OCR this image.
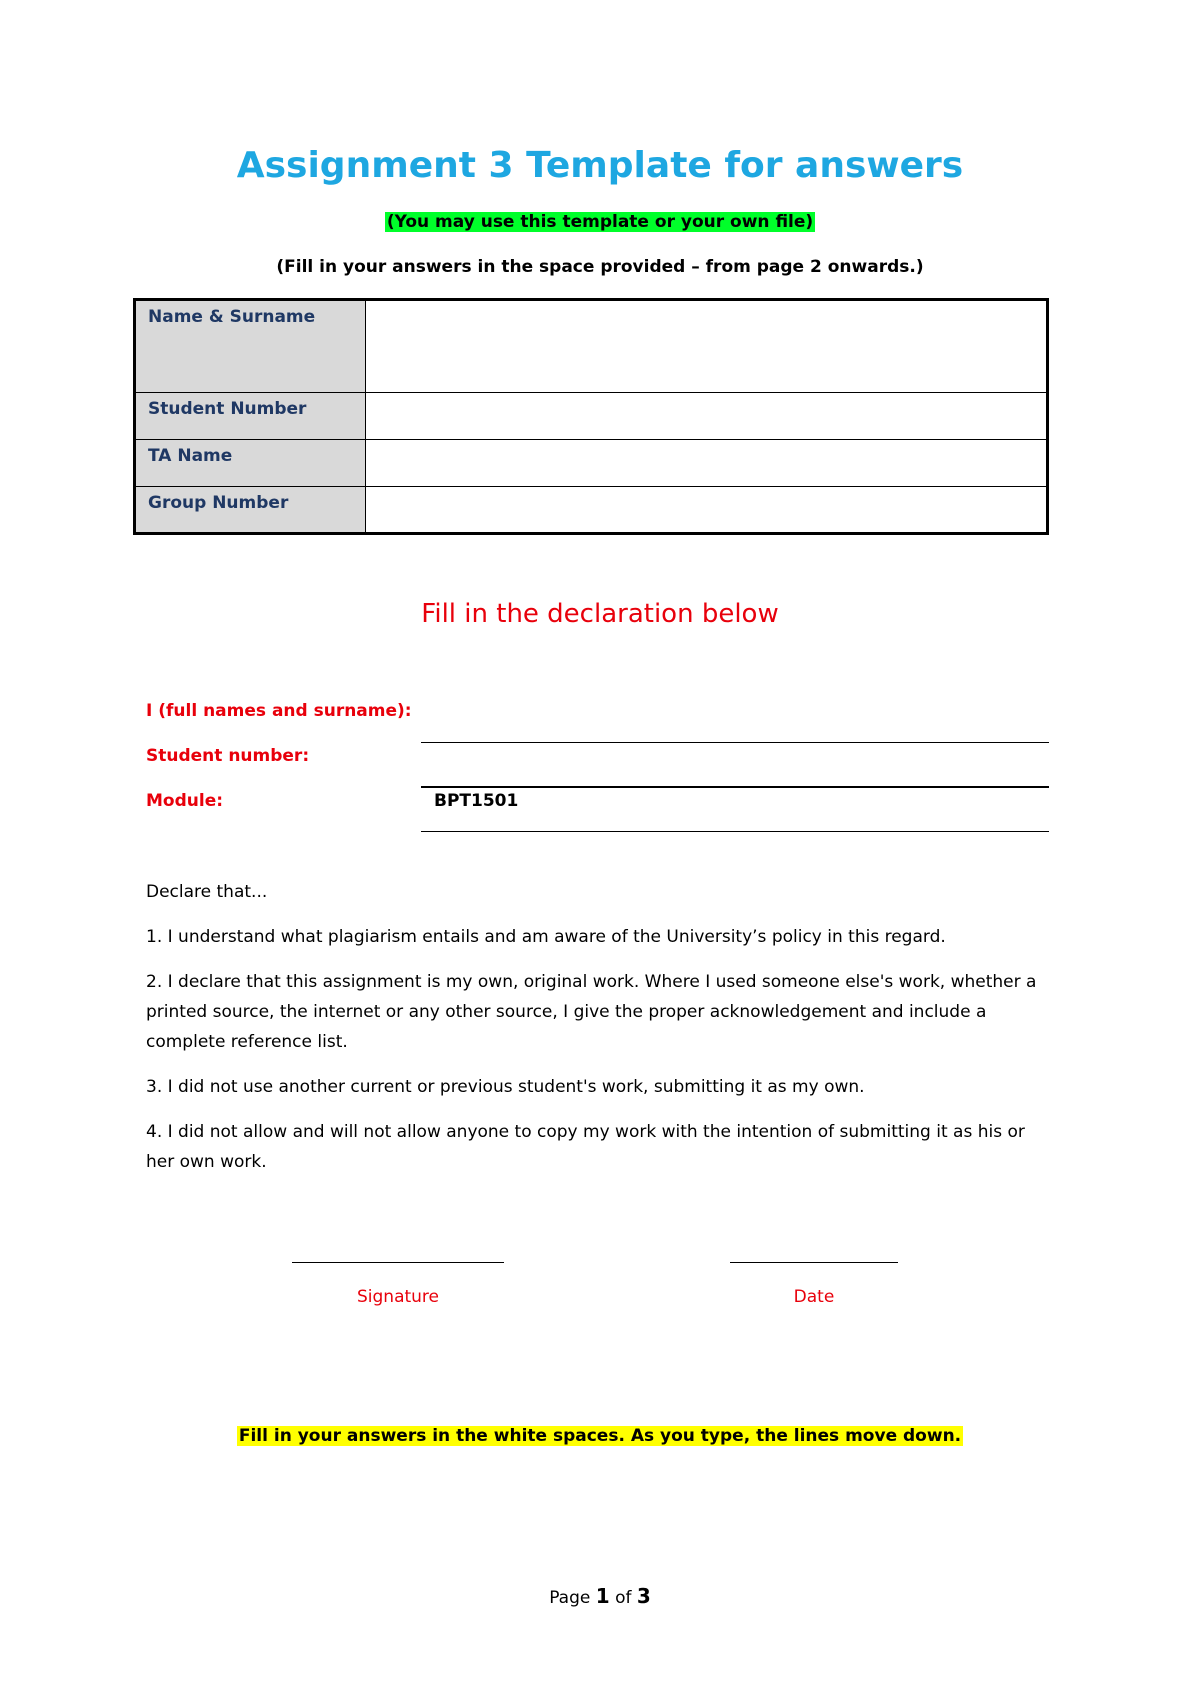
Assignment 3 Template for answers
(You may use this template or your own file)
(Fill in your answers in the space provided – from page 2 onwards.)
Name & Surname	
Student Number	
TA Name	
Group Number	
Fill in the declaration below
I (full names and surname):
Student number:
Module:	BPT1501
Declare that...
1. I understand what plagiarism entails and am aware of the University’s policy in this regard.
2. I declare that this assignment is my own, original work. Where I used someone else's work, whether a printed source, the internet or any other source, I give the proper acknowledgement and include a complete reference list.
3. I did not use another current or previous student's work, submitting it as my own.
4. I did not allow and will not allow anyone to copy my work with the intention of submitting it as his or her own work.
Signature	Date
Fill in your answers in the white spaces. As you type, the lines move down.
Page 1 of 3
